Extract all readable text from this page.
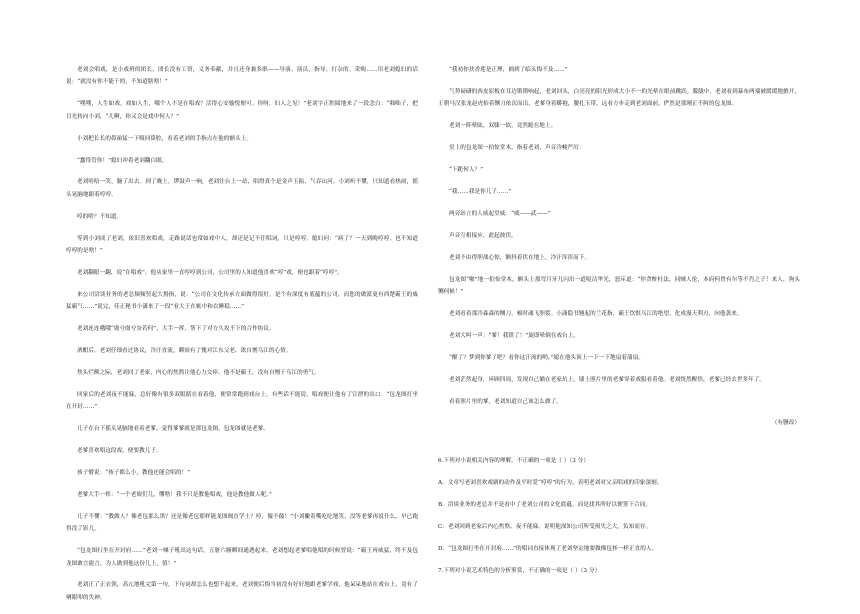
老刘会唱戏，是小戏班的团长。团长没有工资，义务奉献，并且还身兼多职——导演、演员、指导、打杂的、采购……用老刘媳妇的话说：“就没有你不能干的，不知道瞎啥！”

“嘿嘿，人生如戏，戏如人生，哪个人不是在唱戏？活得心安愉悦便可。你呀，妇人之见！”老刘字正腔圆地来了一段念白：“咄咄子，把目光转向小刘，“儿啊，你又会是戏中何人？”

小刘把长长的鼻涕猛一下吸回鼻腔，看着老刘的手指点在他的额头上。

“蠢得管你！”媳妇冲着老刘翻白眼。

老刘哈哈一笑，腕了出去。到了晚上，锣鼓声一响，老刘往台上一站，唱得真个是金声玉振、气吞山河。小刘听不懂，只知道看热闹，摇头晃脑地跟着哼哼。

哼的啥？不知道。

等到小刘成了老刘，依旧喜欢唱戏，走路说话也常如戏中人，却还是记不住唱词，只是哼哼。媳妇问：“病了？一天到晚哼哼，也不知道哼哼的是啥！”

老刘翻眼一翻，说“在唱戏”。他从家里一直哼哼到公司，公司里的人知道他喜欢“哼”戏，便也跟着“哼哼”。

来公司洽谈业务的老总频频竖起大拇指，说：“公司在文化传承方面做得很好，是个有深度有底蕴的公司，而您的做派更有西楚霸王的威猛霸气……”说完，佳正秘书小潇来了一段“看大王在帐中和衣睡稳……”

老刘连连哦哦“虞兮虞兮奈若何”，大手一挥，签下了对方久攻不下的合作协议。

酒酣后，老刘仔细看过协议，冷汗直流，瞬间有了愧对江东父老、欲自刎乌江的心情。

焦头烂额之际，老刘回了老家，内心的焦熬让他心力交瘁，他不是霸王，没有自刎于乌江的勇气。

回家后的老刘夜不能寐，总好像有很多双眼睛在看着他，便常常跑到戏台上。有些话不能说，唱戏便让他有了宣泄的出口：“包龙图打坐在开封……”

儿子在台下摇头晃脑地看着老爹，觉得爹爹就是那包龙图，包龙图就是老爹。

老爹喜欢唱这段戏，便要教儿子。

孩子懵说：“孩子都么小，教他还能会唱的！”

老爹大手一挥：“一个老娘们儿，懂啥！我不只是教他唱戏，他是教他做人呢。”

儿子不懂：“教做人？像老包那么黑？还是像老包那样能龙图阁直学士？哼，傻不傻！”小刘撇着嘴吃吃地笑，没等老爹再说什么，早已跑得没了影儿。

“包龙图打坐在开封府……”老刘一嗓子吼出这句话，五脏六腑瞬间通透起来。老刘想起老爹唱他唱的时候曾说：“霸王再威猛，终不及包龙图敢言能言，为人做到他这份儿上，值！”

老刘正了正衣领，高亢地吼完第一句，下句词却怎么也想不起来。老刘便后悔当初没有好好地跟老爹学戏，他呆呆地站在戏台上，竟有了剜眼叩的失神。

“我劝你扶香莲是正理，祸到了临头悔不及……”

气势磅礴的西皮原板在耳边锵锵响起，老刘回头，白亮亮的阳光形成大小不一的光晕在眼前跳跃。朦胧中，老刘看到暴布两端被缓缓地掀开，王朝马汉张龙赵虎抬着铡刀依次而出，老爹身着蟒袍，腰扎玉带，远看方步走到老刘面前，俨然是那刚正不阿的包龙图。

老刘一阵晕眩，双膝一软，竟然跪在地上。

堂上的包龙图一拍惊堂木，指着老刘，声音冷峻严厉：

“下跪何人？”

“我……我是你儿子……”

两旁站立的人威起堂威：“威——武——”

声音互相接应，此起彼伏。

老刘不由得胆战心惊，额抖着伏在地上，冷汗浑浑而下。

包龙图“啪”地一拍惊堂木，额头上那弯月牙儿闪出一道哒洁华光，怒斥道：“你贪赃枉法，同贼人伦，本府何曾有尔等不肖之子！来人，狗头铡伺候！”

老刘看着那冷森森的铡刀，顿时魂飞胆裂。小潇隐书翘起的兰花指，霸王饮恨乌江的绝望，化成漫天利刃，向他袭来。

老刘大叫一声：“爹！我错了！”旋即晕倒在戏台上。

“醒了？梦到你爹了吧？看你这汗流的哟，”媳在他头顶上一下一下地扇着蒲扇。

老刘茫然起身，环顾四周，发现自己躺在老家炕上，墙上照片里的老爹穿着戏服看着他。老刘恍然醒悟，老爹已经去世多年了。

看着照片里的爹，老刘知道自己该怎么做了。

（有删改）

6.下列对小说相关内容的理解，不正确的一项是（ ）（3 分）

A．文章写老刘喜欢戏剧的动作及平时爱“哼哼”的行为，表明老刘对父亲唱戏的印象深刻。

B．洽谈业务的老总并不是看中了老刘公司的文化底蕴，而是找其所好以便签下合同。

C．老刘回到老家后内心焦熬、夜不能寐，说明他深知公司所受损失之大，负知而存。

D．“包龙图打坐在开封府……”的唱词直接体现了老刘坚定地要做像包拯一样正直的人。

7.下列对小说艺术特色的分析鉴赏，不正确的一项是（ ）（3 分）
